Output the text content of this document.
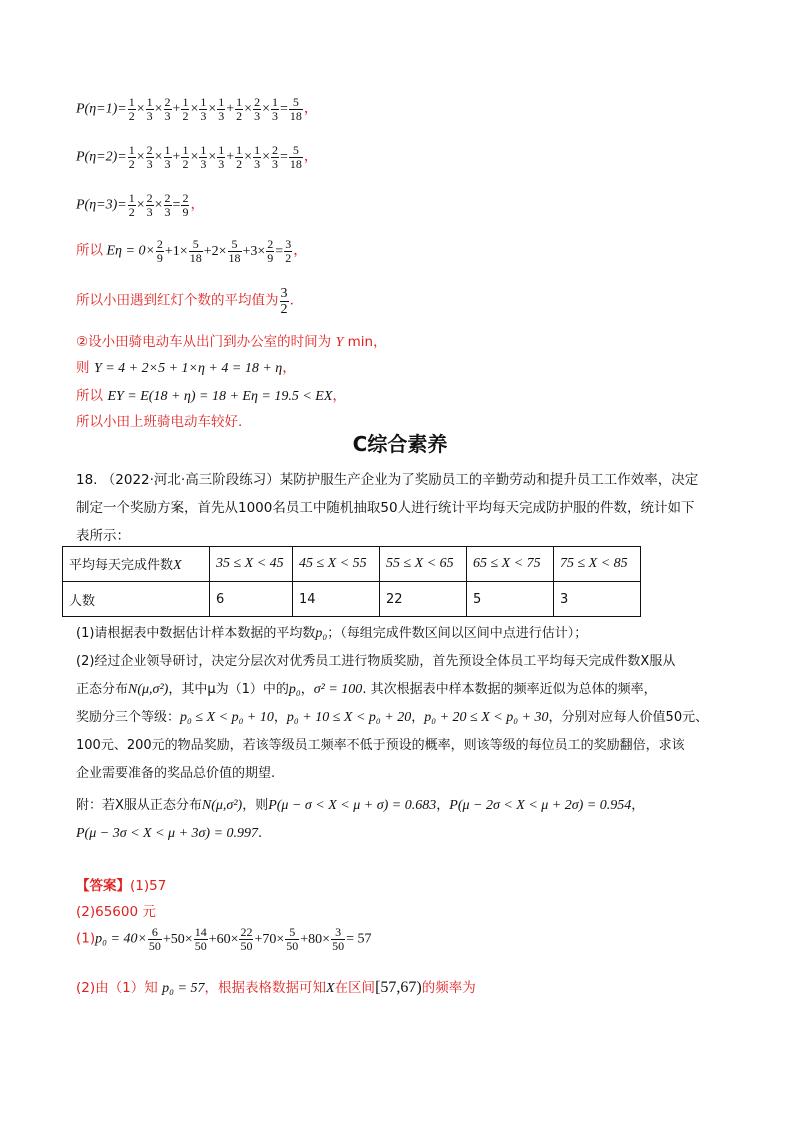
$P(\eta=1)= \frac{1}{2} \times \frac{1}{3} \times \frac{2}{3} + \frac{1}{2} \times \frac{1}{3} \times \frac{1}{3} + \frac{1}{2} \times \frac{2}{3} \times \frac{1}{3} = \frac{5}{18}$ ，
$P(\eta=2)= \frac{1}{2} \times \frac{2}{3} \times \frac{1}{3} + \frac{1}{2} \times \frac{1}{3} \times \frac{1}{3} + \frac{1}{2} \times \frac{1}{3} \times \frac{2}{3} = \frac{5}{18}$ ，
$P(\eta=3)= \frac{1}{2} \times \frac{2}{3} \times \frac{2}{3} = \frac{2}{9}$ ，
所以 $E\eta = 0\times \frac{2}{9} +1\times \frac{5}{18} +2\times \frac{5}{18} +3\times \frac{2}{9} = \frac{3}{2}$ ，
所以小田遇到红灯个数的平均值为 $\frac{3}{2}$ .
②设小田骑电动车从出门到办公室的时间为 Y min，
则 Y = 4 + 2×5 + 1×η + 4 = 18 + η，
所以 EY = E(18 + η) = 18 + Eη = 19.5 < EX，
所以小田上班骑电动车较好.
C综合素养
18. （2022·河北·高三阶段练习）某防护服生产企业为了奖励员工的辛勤劳动和提升员工工作效率，决定
制定一个奖励方案，首先从1000名员工中随机抽取50人进行统计平均每天完成防护服的件数，统计如下
表所示：
平均每天完成件数X	35 ≤ X < 45	45 ≤ X < 55	55 ≤ X < 65	65 ≤ X < 75	75 ≤ X < 85
人数	6	14	22	5	3
(1)请根据表中数据估计样本数据的平均数p₀；（每组完成件数区间以区间中点进行估计）；
(2)经过企业领导研讨，决定分层次对优秀员工进行物质奖励，首先预设全体员工平均每天完成件数X服从
正态分布N(μ,σ²)，其中μ为（1）中的p₀，σ² = 100. 其次根据表中样本数据的频率近似为总体的频率，
奖励分三个等级：p₀ ≤ X < p₀ + 10，p₀ + 10 ≤ X < p₀ + 20，p₀ + 20 ≤ X < p₀ + 30，分别对应每人价值50元、
100元、200元的物品奖励，若该等级员工频率不低于预设的概率，则该等级的每位员工的奖励翻倍，求该
企业需要准备的奖品总价值的期望.
附：若X服从正态分布N(μ,σ²)，则P(μ − σ < X < μ + σ) = 0.683，P(μ − 2σ < X < μ + 2σ) = 0.954，
P(μ − 3σ < X < μ + 3σ) = 0.997.
【答案】(1)57
(2)65600 元
$(1)p_0 = 40\times \frac{6}{50} +50\times \frac{14}{50} +60\times \frac{22}{50} +70\times \frac{5}{50} +80\times \frac{3}{50} = 57$
(2)由（1）知 p₀ = 57，根据表格数据可知X在区间[57,67)的频率为
